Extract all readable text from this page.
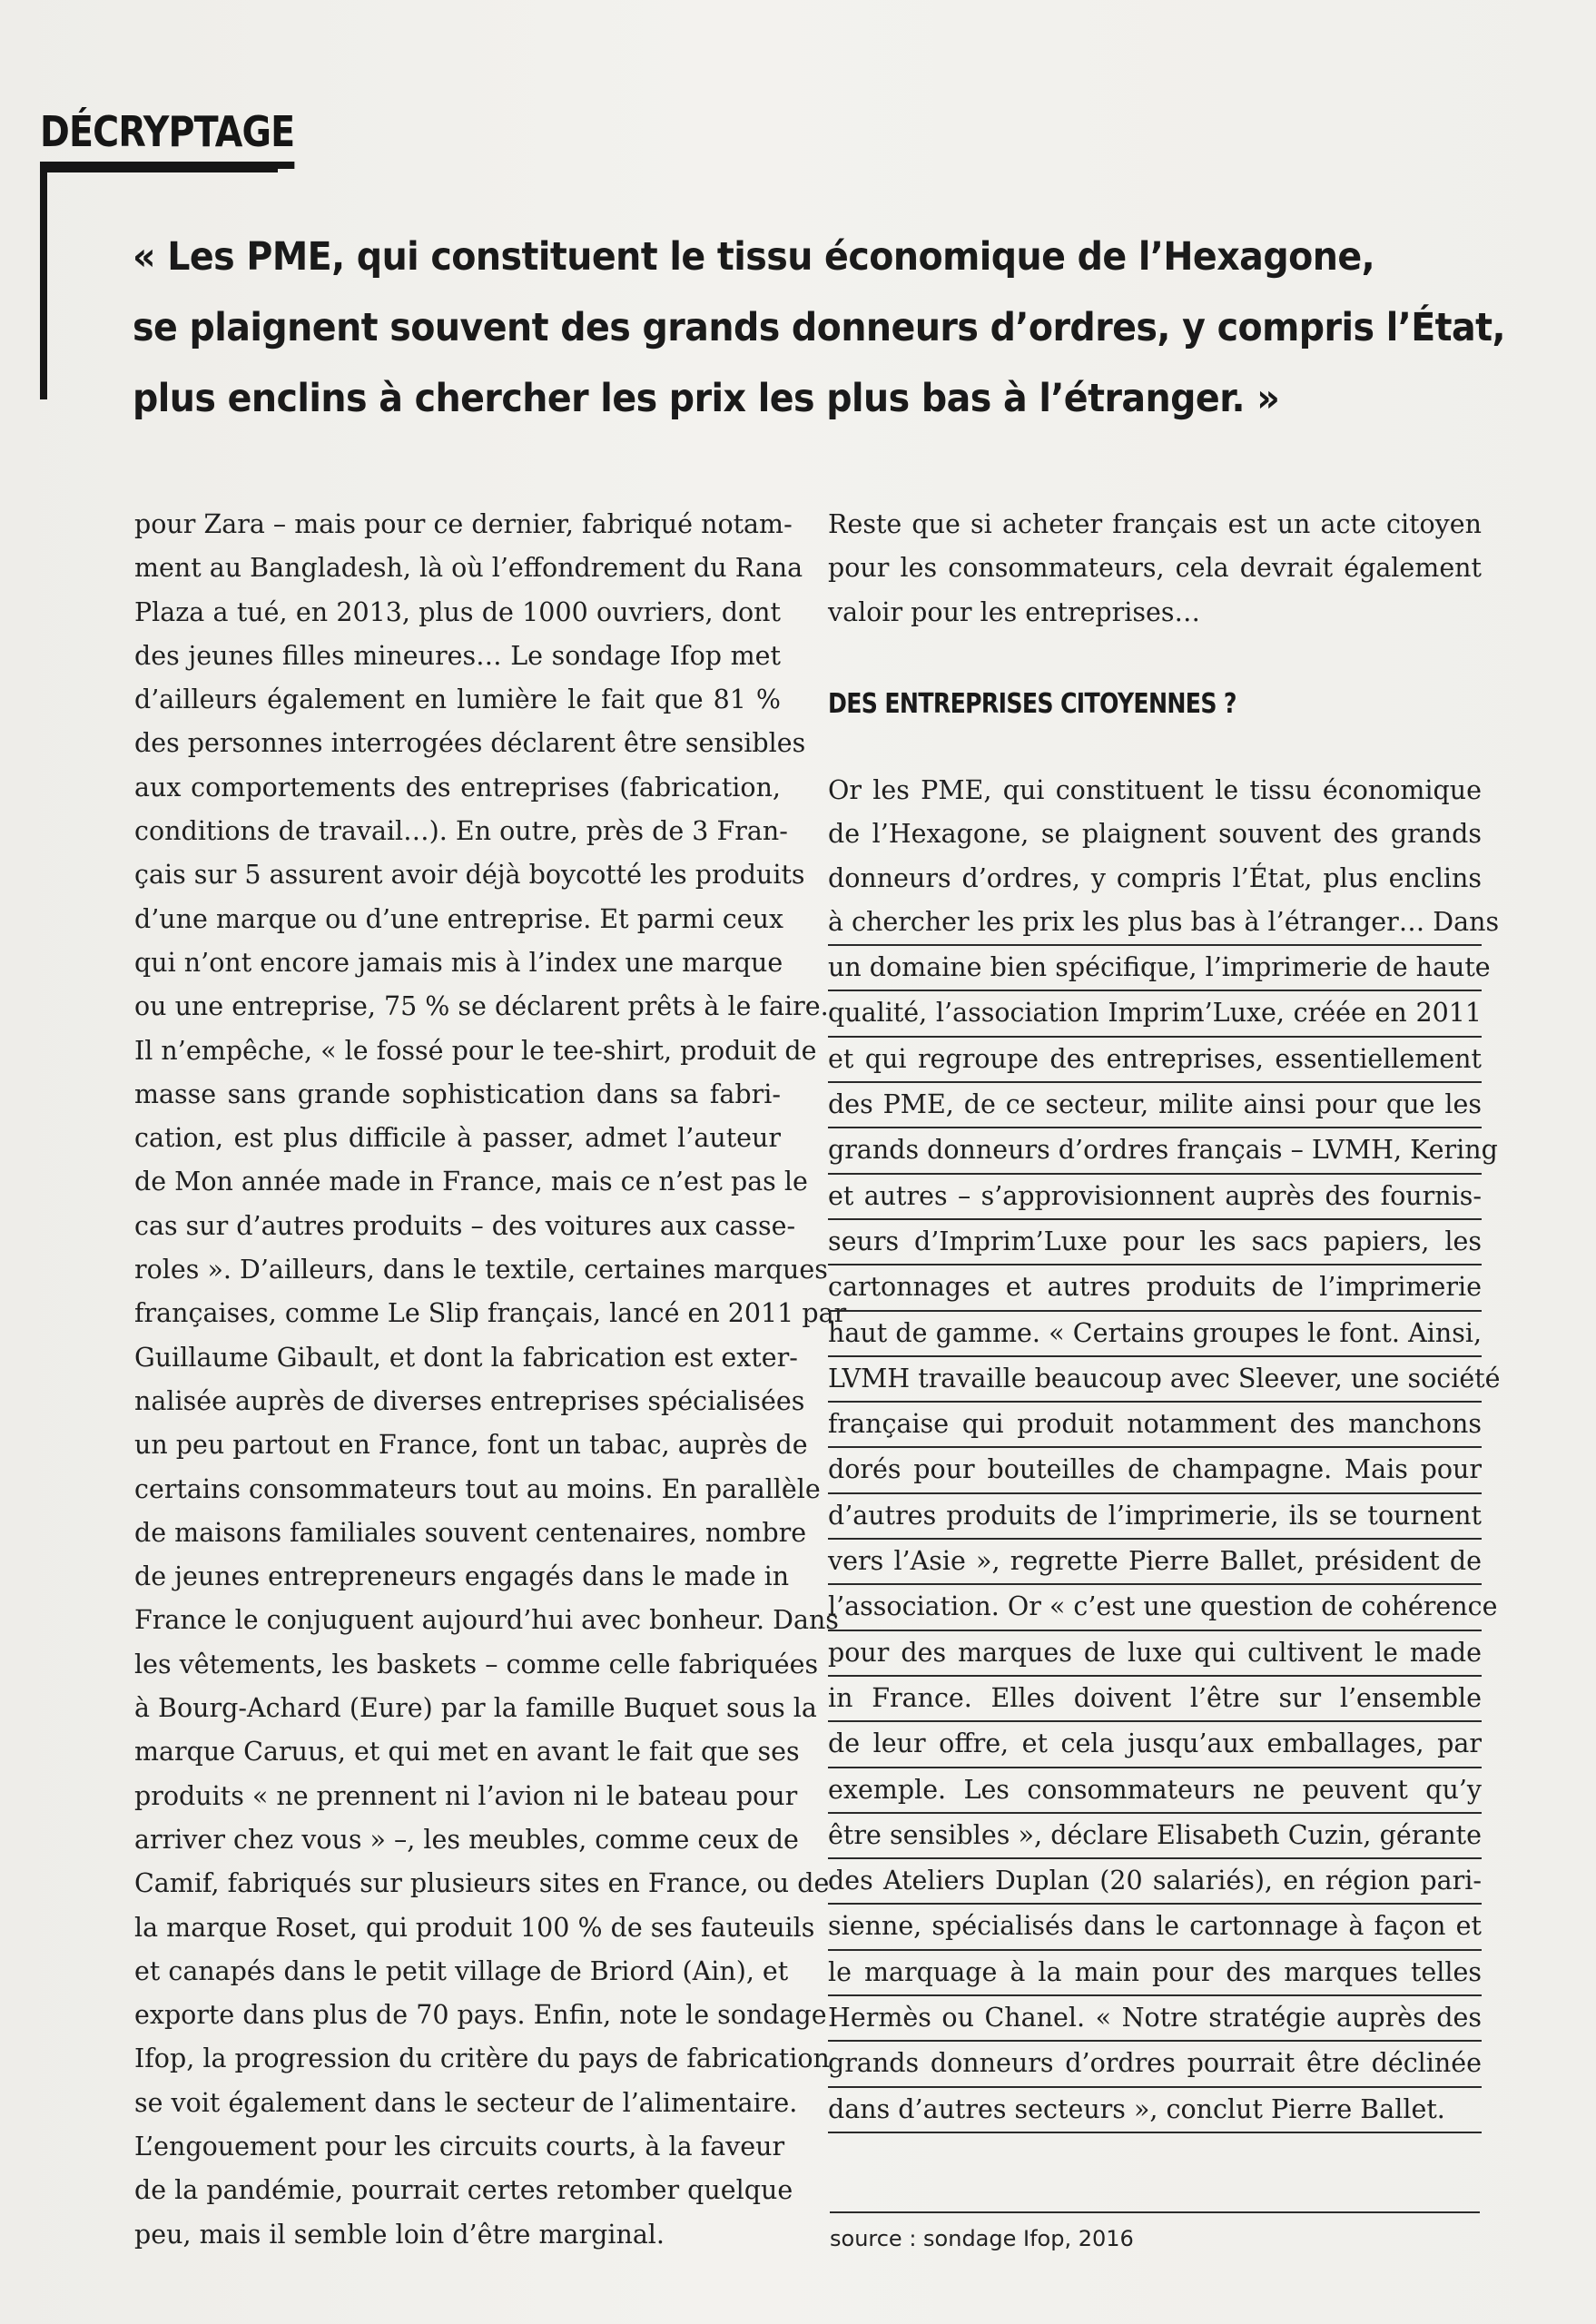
DÉCRYPTAGE
« Les PME, qui constituent le tissu économique de l’Hexagone,
se plaignent souvent des grands donneurs d’ordres, y compris l’État,
plus enclins à chercher les prix les plus bas à l’étranger. »
pour Zara – mais pour ce dernier, fabriqué notam-
ment au Bangladesh, là où l’effondrement du Rana
Plaza a tué, en 2013, plus de 1000 ouvriers, dont
des jeunes filles mineures… Le sondage Ifop met
d’ailleurs également en lumière le fait que 81 %
des personnes interrogées déclarent être sensibles
aux comportements des entreprises (fabrication,
conditions de travail…). En outre, près de 3 Fran-
çais sur 5 assurent avoir déjà boycotté les produits
d’une marque ou d’une entreprise. Et parmi ceux
qui n’ont encore jamais mis à l’index une marque
ou une entreprise, 75 % se déclarent prêts à le faire.
Il n’empêche, « le fossé pour le tee-shirt, produit de
masse sans grande sophistication dans sa fabri-
cation, est plus difficile à passer, admet l’auteur
de Mon année made in France, mais ce n’est pas le
cas sur d’autres produits – des voitures aux casse-
roles ». D’ailleurs, dans le textile, certaines marques
françaises, comme Le Slip français, lancé en 2011 par
Guillaume Gibault, et dont la fabrication est exter-
nalisée auprès de diverses entreprises spécialisées
un peu partout en France, font un tabac, auprès de
certains consommateurs tout au moins. En parallèle
de maisons familiales souvent centenaires, nombre
de jeunes entrepreneurs engagés dans le made in
France le conjuguent aujourd’hui avec bonheur. Dans
les vêtements, les baskets – comme celle fabriquées
à Bourg-Achard (Eure) par la famille Buquet sous la
marque Caruus, et qui met en avant le fait que ses
produits « ne prennent ni l’avion ni le bateau pour
arriver chez vous » –, les meubles, comme ceux de
Camif, fabriqués sur plusieurs sites en France, ou de
la marque Roset, qui produit 100 % de ses fauteuils
et canapés dans le petit village de Briord (Ain), et
exporte dans plus de 70 pays. Enfin, note le sondage
Ifop, la progression du critère du pays de fabrication
se voit également dans le secteur de l’alimentaire.
L’engouement pour les circuits courts, à la faveur
de la pandémie, pourrait certes retomber quelque
peu, mais il semble loin d’être marginal.
Reste que si acheter français est un acte citoyen
pour les consommateurs, cela devrait également
valoir pour les entreprises…
DES ENTREPRISES CITOYENNES ?
Or les PME, qui constituent le tissu économique
de l’Hexagone, se plaignent souvent des grands
donneurs d’ordres, y compris l’État, plus enclins
à chercher les prix les plus bas à l’étranger… Dans
un domaine bien spécifique, l’imprimerie de haute
qualité, l’association Imprim’Luxe, créée en 2011
et qui regroupe des entreprises, essentiellement
des PME, de ce secteur, milite ainsi pour que les
grands donneurs d’ordres français – LVMH, Kering
et autres – s’approvisionnent auprès des fournis-
seurs d’Imprim’Luxe pour les sacs papiers, les
cartonnages et autres produits de l’imprimerie
haut de gamme. « Certains groupes le font. Ainsi,
LVMH travaille beaucoup avec Sleever, une société
française qui produit notamment des manchons
dorés pour bouteilles de champagne. Mais pour
d’autres produits de l’imprimerie, ils se tournent
vers l’Asie », regrette Pierre Ballet, président de
l’association. Or « c’est une question de cohérence
pour des marques de luxe qui cultivent le made
in France. Elles doivent l’être sur l’ensemble
de leur offre, et cela jusqu’aux emballages, par
exemple. Les consommateurs ne peuvent qu’y
être sensibles », déclare Elisabeth Cuzin, gérante
des Ateliers Duplan (20 salariés), en région pari-
sienne, spécialisés dans le cartonnage à façon et
le marquage à la main pour des marques telles
Hermès ou Chanel. « Notre stratégie auprès des
grands donneurs d’ordres pourrait être déclinée
dans d’autres secteurs », conclut Pierre Ballet.
source : sondage Ifop, 2016
